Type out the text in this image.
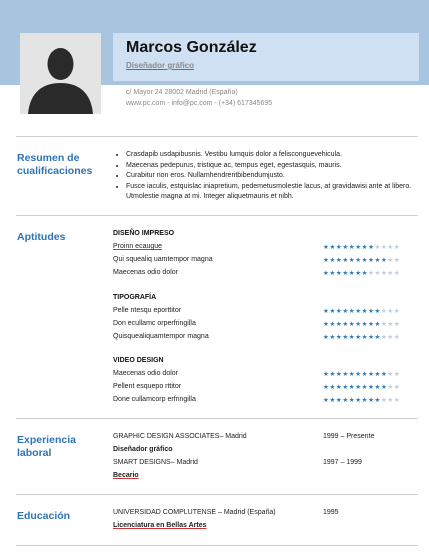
Marcos González
Diseñador gráfico
c/ Mayor 24 28002 Madrid (España)
www.pc.com - info@pc.com - (+34) 617345695
Resumen de cualificaciones
• Crasdapib usdapibusnis. Vestibu lumquis dolor a felisconguevehicula.
• Maecenas pedepurus, tristique ac, tempus eget, egestasquis, mauris.
• Curabitur non eros. Nullamhendreritbibendumjusto.
• Fusce iaculis, estquislac iniapretium, pedemetusmolestie lacus, at gravidawisi ante at libero. Utmolestie magna at mi. Integer aliquetmauris et nibh.
Aptitudes	DISEÑO IMPRESO
Proinn ecaugue
Qui squealiq uamtempor magna
Maecenas odio dolor
★★★★★★★★★★★★
★★★★★★★★★★★★
★★★★★★★★★★★★
TIPOGRAFÍA
Pelle ntesqu eporttitor
Don ecullamc orperfringilla
Quisquealiquamtempor magna
★★★★★★★★★★★★
★★★★★★★★★★★★
★★★★★★★★★★★★
VIDEO DESIGN
Maecenas odio dolor
Pellent esquepo rttitor
Done cullamcorp erfringilla
★★★★★★★★★★★★
★★★★★★★★★★★★
★★★★★★★★★★★★
Experiencia laboral
GRAPHIC DESIGN ASSOCIATES– Madrid
Diseñador gráfico
1999 – Presente
SMART DESIGNS– Madrid
Becario
1997 – 1999
Educación	UNIVERSIDAD COMPLUTENSE – Madrid (España)
Licenciatura en Bellas Artes
1995
